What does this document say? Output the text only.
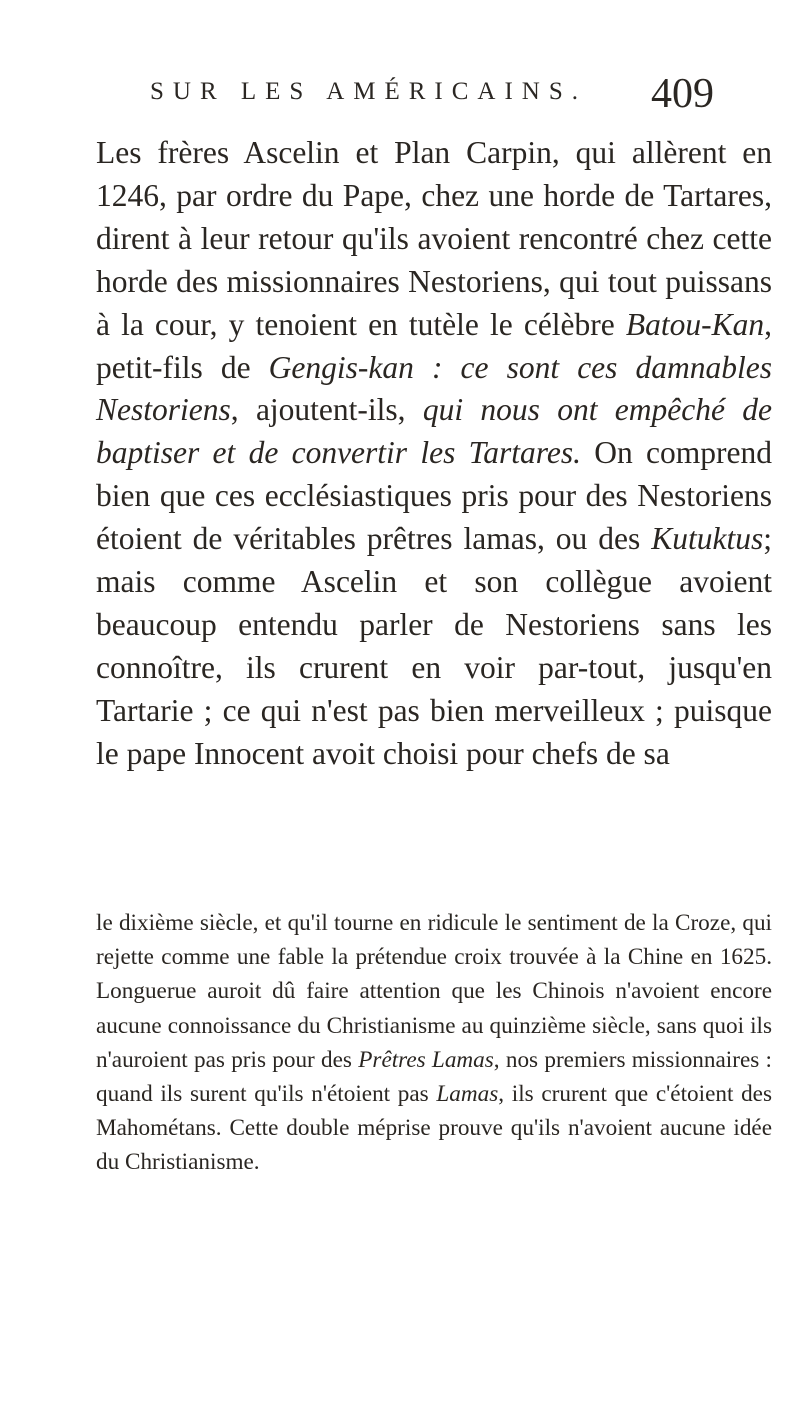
SUR LES AMÉRICAINS. 409

Les frères Ascelin et Plan Carpin, qui allèrent en 1246, par ordre du Pape, chez une horde de Tartares, dirent à leur retour qu'ils avoient rencontré chez cette horde des missionnaires Nestoriens, qui tout puissans à la cour, y tenoient en tutèle le célèbre Batou-Kan, petit-fils de Gengis-kan : ce sont ces damnables Nestoriens, ajoutent-ils, qui nous ont empêché de baptiser et de convertir les Tartares. On comprend bien que ces ecclésiastiques pris pour des Nestoriens étoient de véritables prêtres lamas, ou des Kutuktus; mais comme Ascelin et son collègue avoient beaucoup entendu parler de Nestoriens sans les connoître, ils crurent en voir par-tout, jusqu'en Tartarie ; ce qui n'est pas bien merveilleux ; puisque le pape Innocent avoit choisi pour chefs de sa

le dixième siècle, et qu'il tourne en ridicule le sentiment de la Croze, qui rejette comme une fable la prétendue croix trouvée à la Chine en 1625. Longuerue auroit dû faire attention que les Chinois n'avoient encore aucune connoissance du Christianisme au quinzième siècle, sans quoi ils n'auroient pas pris pour des Prêtres Lamas, nos premiers missionnaires : quand ils surent qu'ils n'étoient pas Lamas, ils crurent que c'étoient des Mahométans. Cette double méprise prouve qu'ils n'avoient aucune idée du Christianisme.
